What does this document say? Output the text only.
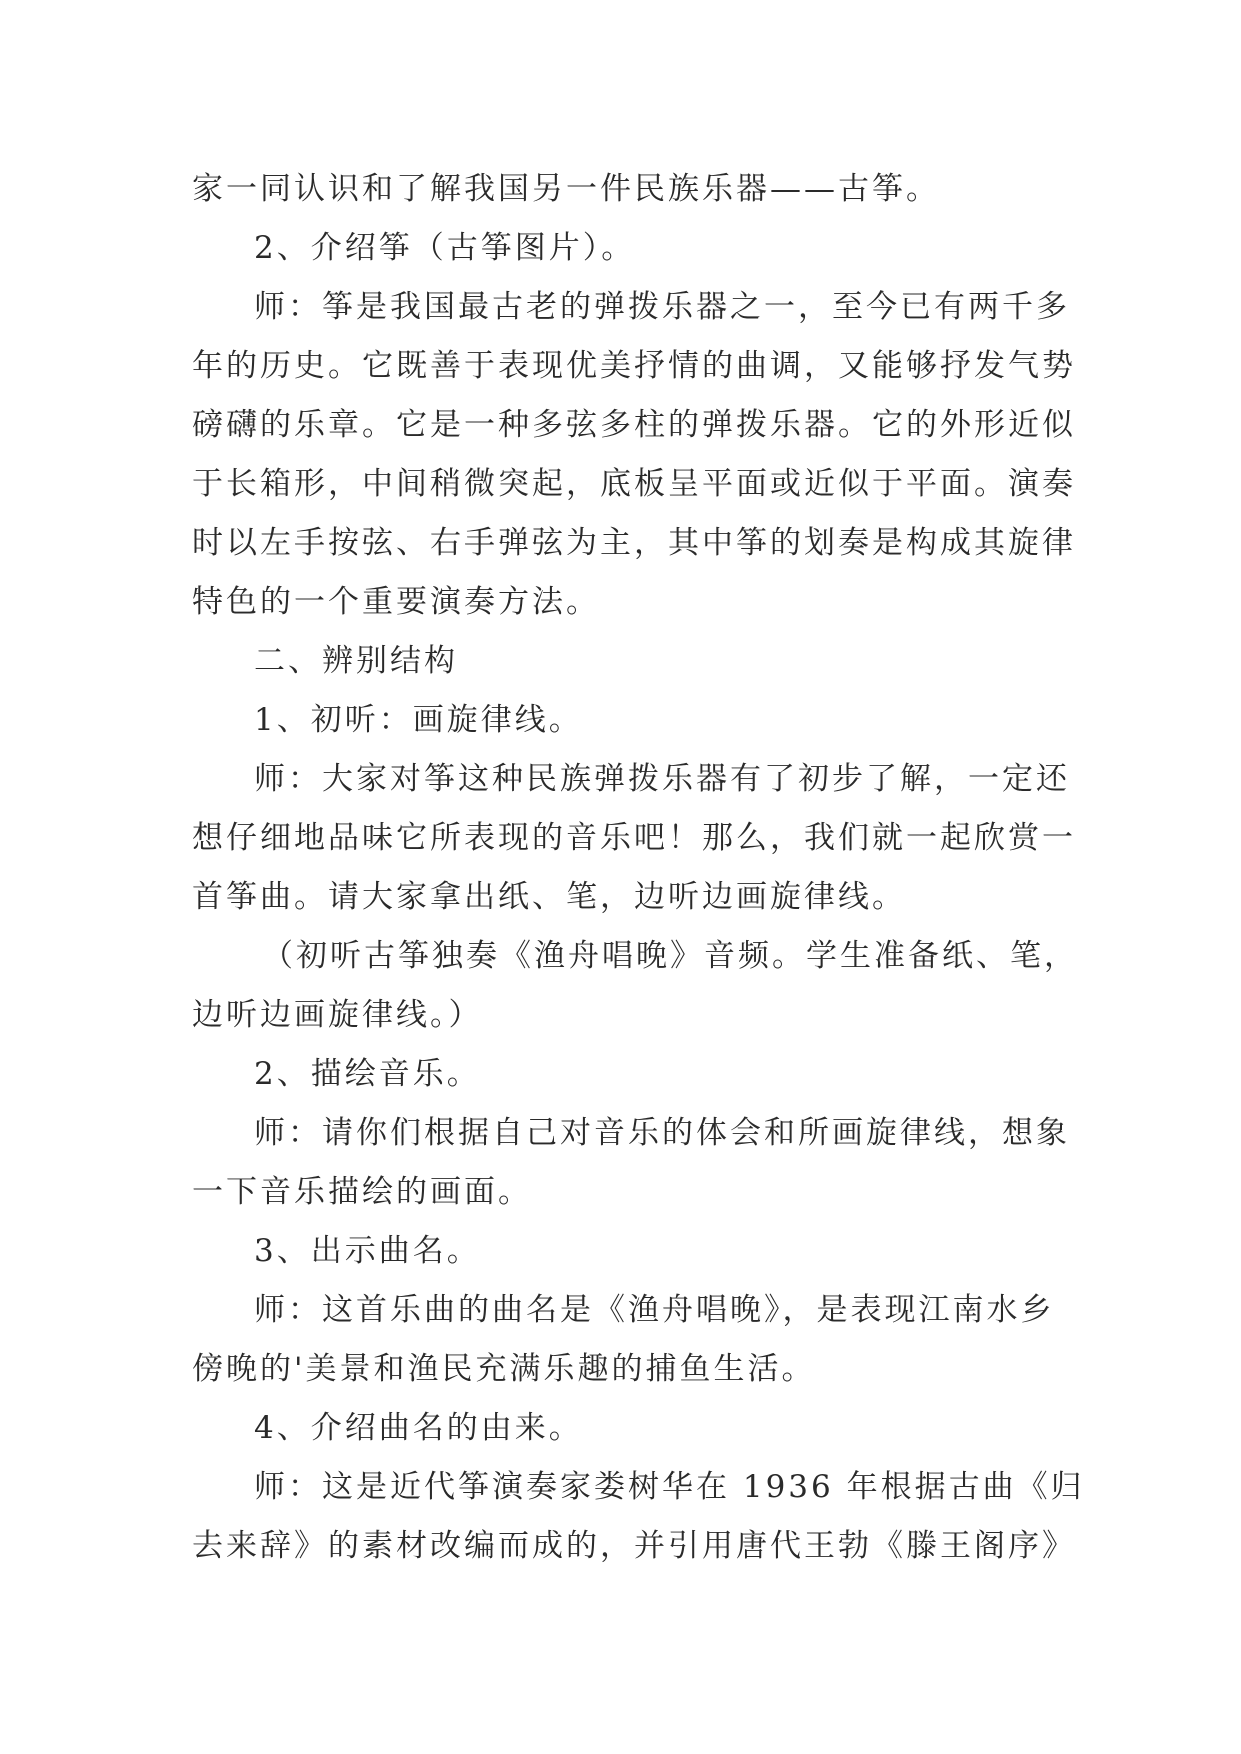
家一同认识和了解我国另一件民族乐器——古筝。
2、介绍筝（古筝图片）。
师：筝是我国最古老的弹拨乐器之一，至今已有两千多
年的历史。它既善于表现优美抒情的曲调，又能够抒发气势
磅礴的乐章。它是一种多弦多柱的弹拨乐器。它的外形近似
于长箱形，中间稍微突起，底板呈平面或近似于平面。演奏
时以左手按弦、右手弹弦为主，其中筝的划奏是构成其旋律
特色的一个重要演奏方法。
二、辨别结构
1、初听：画旋律线。
师：大家对筝这种民族弹拨乐器有了初步了解，一定还
想仔细地品味它所表现的音乐吧！那么，我们就一起欣赏一
首筝曲。请大家拿出纸、笔，边听边画旋律线。
（初听古筝独奏《渔舟唱晚》音频。学生准备纸、笔，
边听边画旋律线。）
2、描绘音乐。
师：请你们根据自己对音乐的体会和所画旋律线，想象
一下音乐描绘的画面。
3、出示曲名。
师：这首乐曲的曲名是《渔舟唱晚》，是表现江南水乡
傍晚的'美景和渔民充满乐趣的捕鱼生活。
4、介绍曲名的由来。
师：这是近代筝演奏家娄树华在 1936 年根据古曲《归
去来辞》的素材改编而成的，并引用唐代王勃《滕王阁序》
